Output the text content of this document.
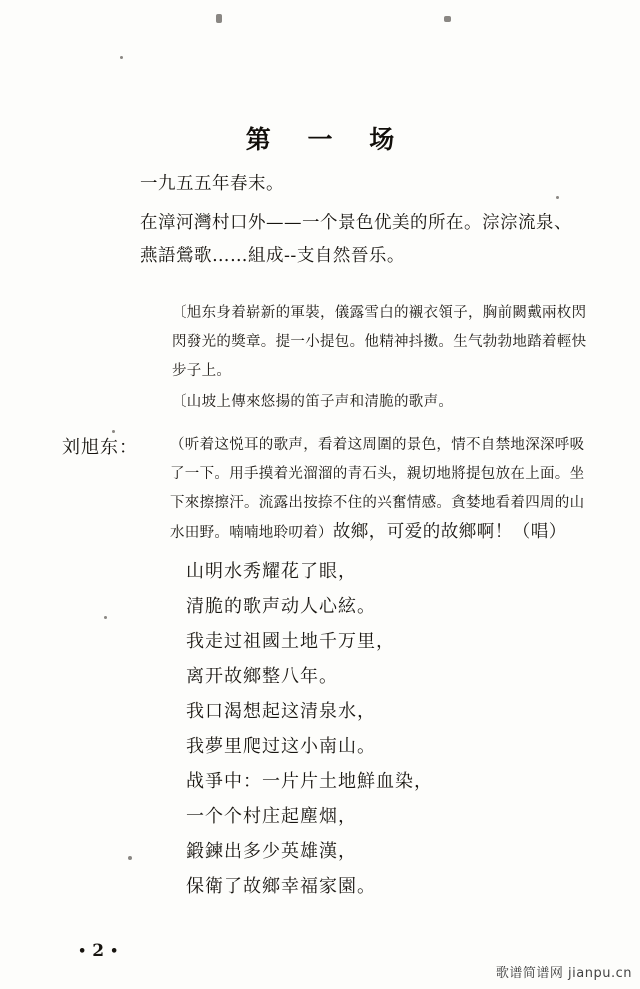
第 一 场
一九五五年春末。
在漳河灣村口外——一个景色优美的所在。淙淙流泉、燕語鶯歌……組成--支自然晉乐。
〔旭东身着崭新的軍裝，儀露雪白的襯衣領子，胸前闕戴兩枚閃閃發光的獎章。提一小提包。他精神抖擞。生气勃勃地踏着輕快步子上。
〔山坡上傳來悠揚的笛子声和清脆的歌声。
刘旭东：	（听着这悦耳的歌声，看着这周圍的景色，情不自禁地深深呼吸了一下。用手摸着光溜溜的青石头，親切地將提包放在上面。坐下來擦擦汗。流露出按捺不住的兴奮情感。貪婪地看着四周的山水田野。喃喃地聆叨着）故鄉，可爱的故鄉啊！（唱）
山明水秀耀花了眼，
清脆的歌声动人心絃。
我走过祖國土地千万里，
离开故鄉整八年。
我口渴想起这清泉水，
我夢里爬过这小南山。
战爭中：一片片土地鮮血染，
一个个村庄起塵烟，
鍛鍊出多少英雄漢，
保衛了故鄉幸福家園。
• 2 •
歌谱简谱网 jianpu.cn
